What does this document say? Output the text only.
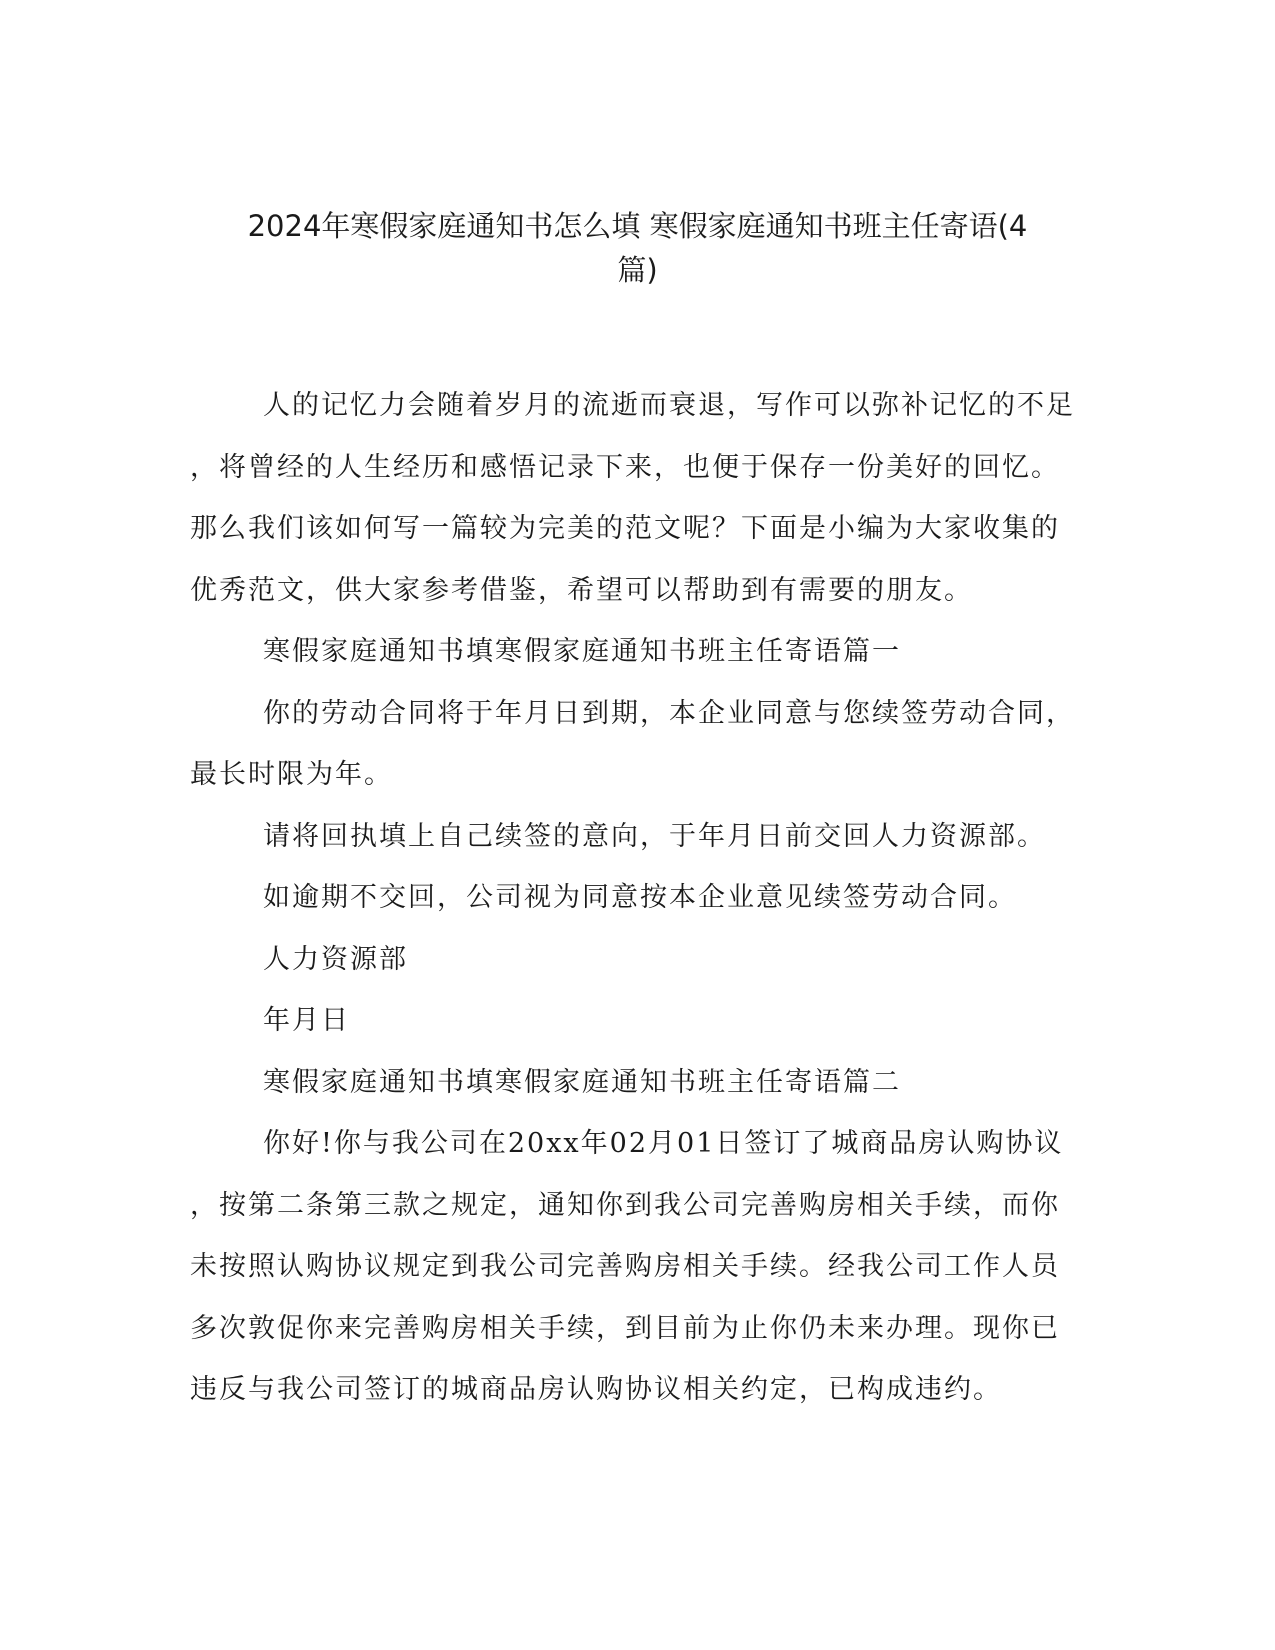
2024年寒假家庭通知书怎么填 寒假家庭通知书班主任寄语(4
篇)
人的记忆力会随着岁月的流逝而衰退，写作可以弥补记忆的不足
，将曾经的人生经历和感悟记录下来，也便于保存一份美好的回忆。
那么我们该如何写一篇较为完美的范文呢？下面是小编为大家收集的
优秀范文，供大家参考借鉴，希望可以帮助到有需要的朋友。
寒假家庭通知书填寒假家庭通知书班主任寄语篇一
你的劳动合同将于年月日到期，本企业同意与您续签劳动合同，
最长时限为年。
请将回执填上自己续签的意向，于年月日前交回人力资源部。
如逾期不交回，公司视为同意按本企业意见续签劳动合同。
人力资源部
年月日
寒假家庭通知书填寒假家庭通知书班主任寄语篇二
你好!你与我公司在20xx年02月01日签订了城商品房认购协议
，按第二条第三款之规定，通知你到我公司完善购房相关手续，而你
未按照认购协议规定到我公司完善购房相关手续。经我公司工作人员
多次敦促你来完善购房相关手续，到目前为止你仍未来办理。现你已
违反与我公司签订的城商品房认购协议相关约定，已构成违约。
